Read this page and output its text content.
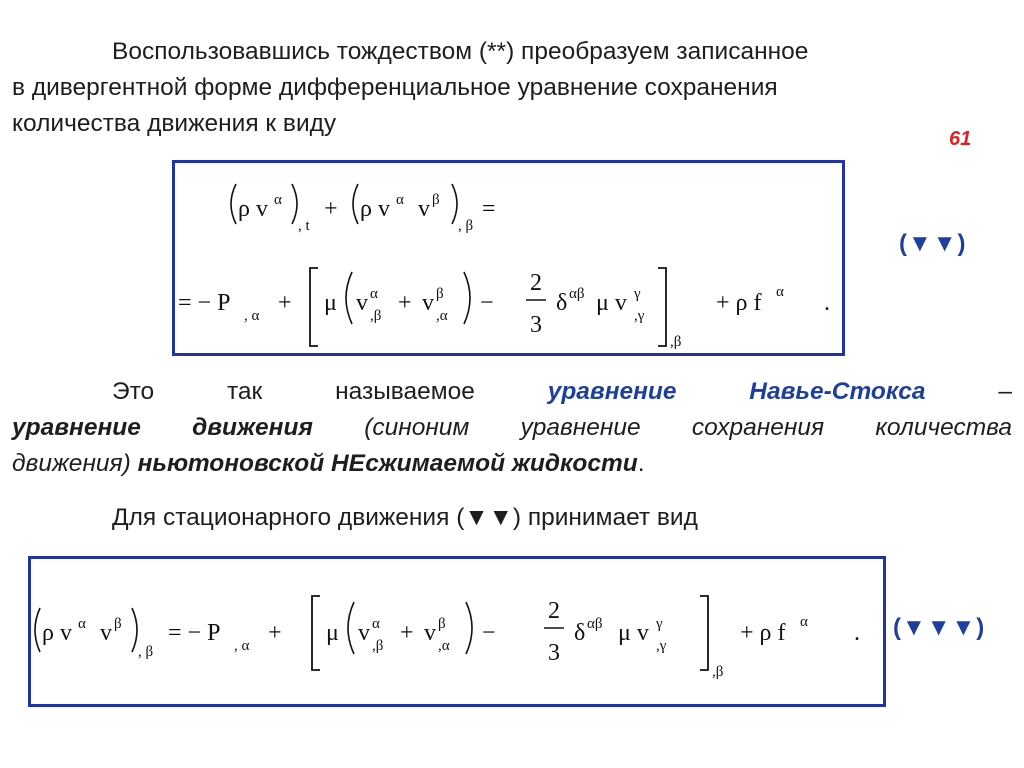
Воспользовавшись тождеством (**) преобразуем записанное
в дивергентной форме дифференциальное уравнение сохранения
количества движения к виду
61
ρ v α
, t
+ ρ v α v β
, β
=
= − P , α + μ v α
,β + v β
,α −
2
3
δ αβ μ v γ
,γ
,β
+ ρ f α .
(▼▼)
Это	так	называемое	уравнение Навье-Стокса	–
уравнение движения (синоним уравнение сохранения количества
движения) ньютоновской НЕсжимаемой жидкости.
Для стационарного движения (▼▼) принимает вид
ρ v α v β
, β
= − P , α + μ v α
,β + v β
,α −
2
3
δ αβ μ v γ
,γ
,β
+ ρ f α . (▼▼▼)
